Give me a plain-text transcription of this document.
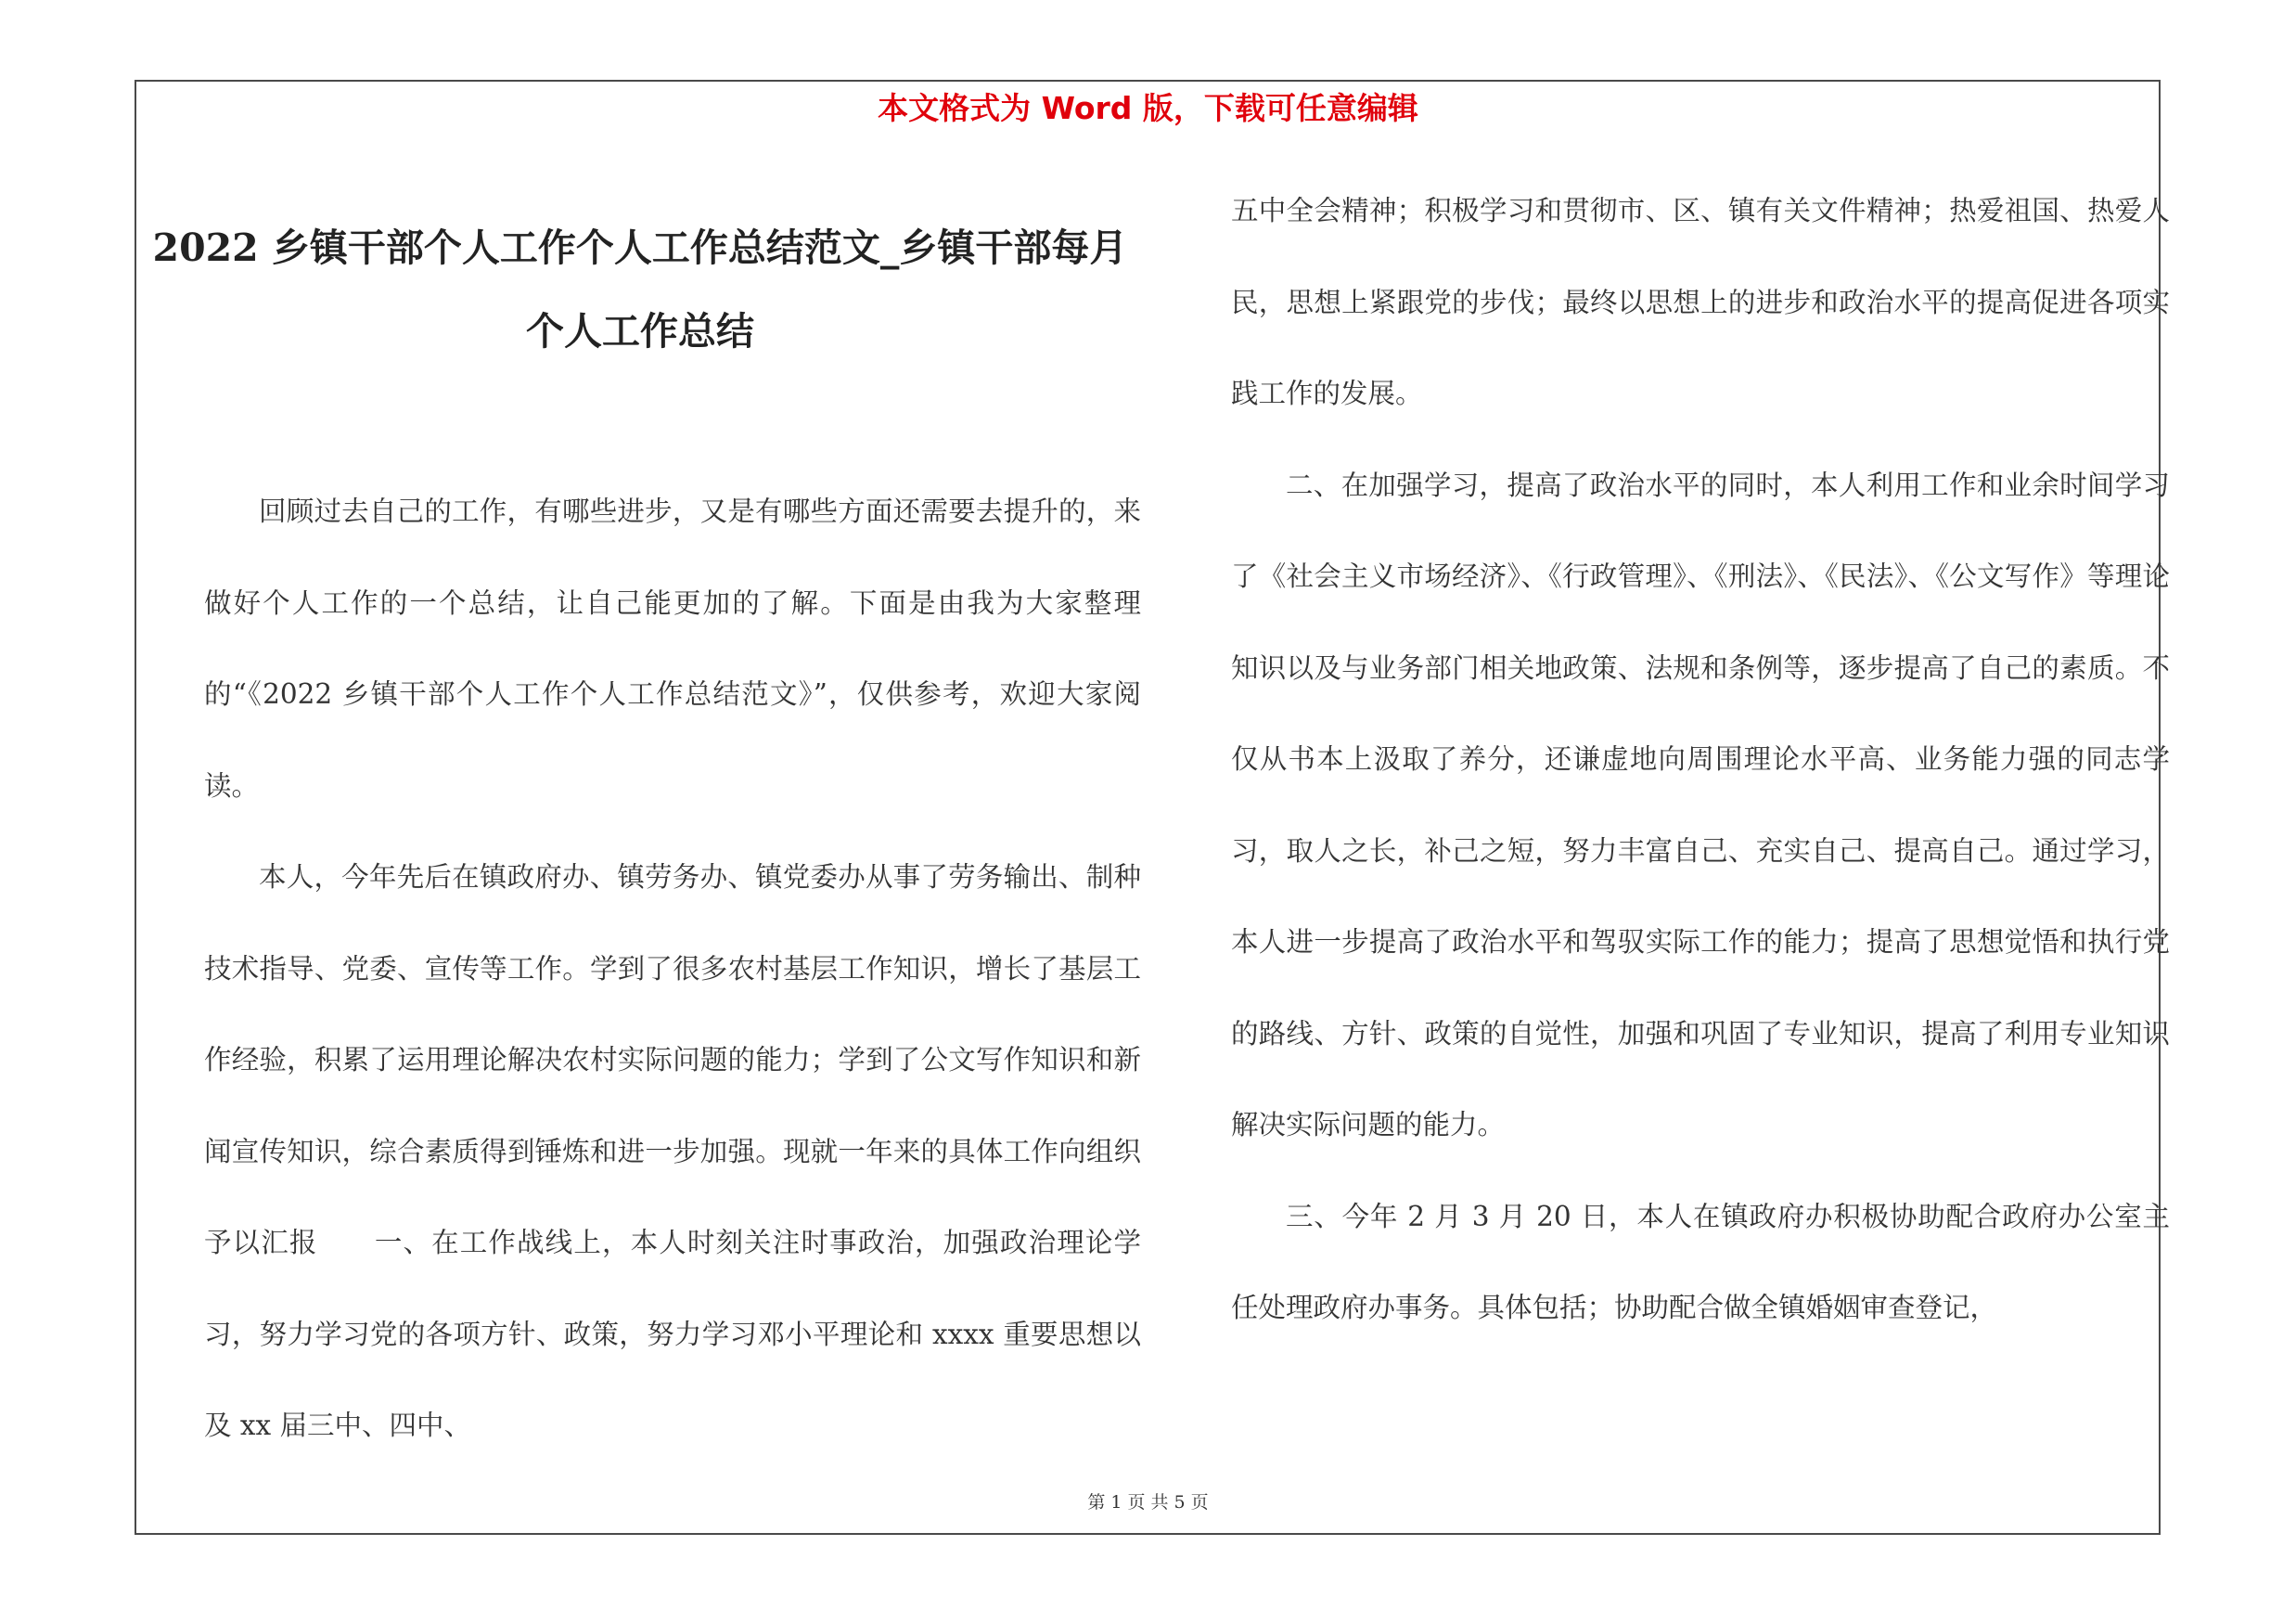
本文格式为 Word 版，下载可任意编辑
2022 乡镇干部个人工作个人工作总结范文_乡镇干部每月个人工作总结

回顾过去自己的工作，有哪些进步，又是有哪些方面还需要去提升的，来做好个人工作的一个总结，让自己能更加的了解。下面是由我为大家整理的“《2022 乡镇干部个人工作个人工作总结范文》”，仅供参考，欢迎大家阅读。

本人，今年先后在镇政府办、镇劳务办、镇党委办从事了劳务输出、制种技术指导、党委、宣传等工作。学到了很多农村基层工作知识，增长了基层工作经验，积累了运用理论解决农村实际问题的能力；学到了公文写作知识和新闻宣传知识，综合素质得到锤炼和进一步加强。现就一年来的具体工作向组织予以汇报　　一、在工作战线上，本人时刻关注时事政治，加强政治理论学习，努力学习党的各项方针、政策，努力学习邓小平理论和 xxxx 重要思想以及 xx 届三中、四中、

五中全会精神；积极学习和贯彻市、区、镇有关文件精神；热爱祖国、热爱人民，思想上紧跟党的步伐；最终以思想上的进步和政治水平的提高促进各项实践工作的发展。

二、在加强学习，提高了政治水平的同时，本人利用工作和业余时间学习了《社会主义市场经济》、《行政管理》、《刑法》、《民法》、《公文写作》等理论知识以及与业务部门相关地政策、法规和条例等，逐步提高了自己的素质。不仅从书本上汲取了养分，还谦虚地向周围理论水平高、业务能力强的同志学习，取人之长，补己之短，努力丰富自己、充实自己、提高自己。通过学习，本人进一步提高了政治水平和驾驭实际工作的能力；提高了思想觉悟和执行党的路线、方针、政策的自觉性，加强和巩固了专业知识，提高了利用专业知识解决实际问题的能力。

三、今年 2 月 3 月 20 日，本人在镇政府办积极协助配合政府办公室主任处理政府办事务。具体包括；协助配合做全镇婚姻审查登记，

第 1 页 共 5 页
